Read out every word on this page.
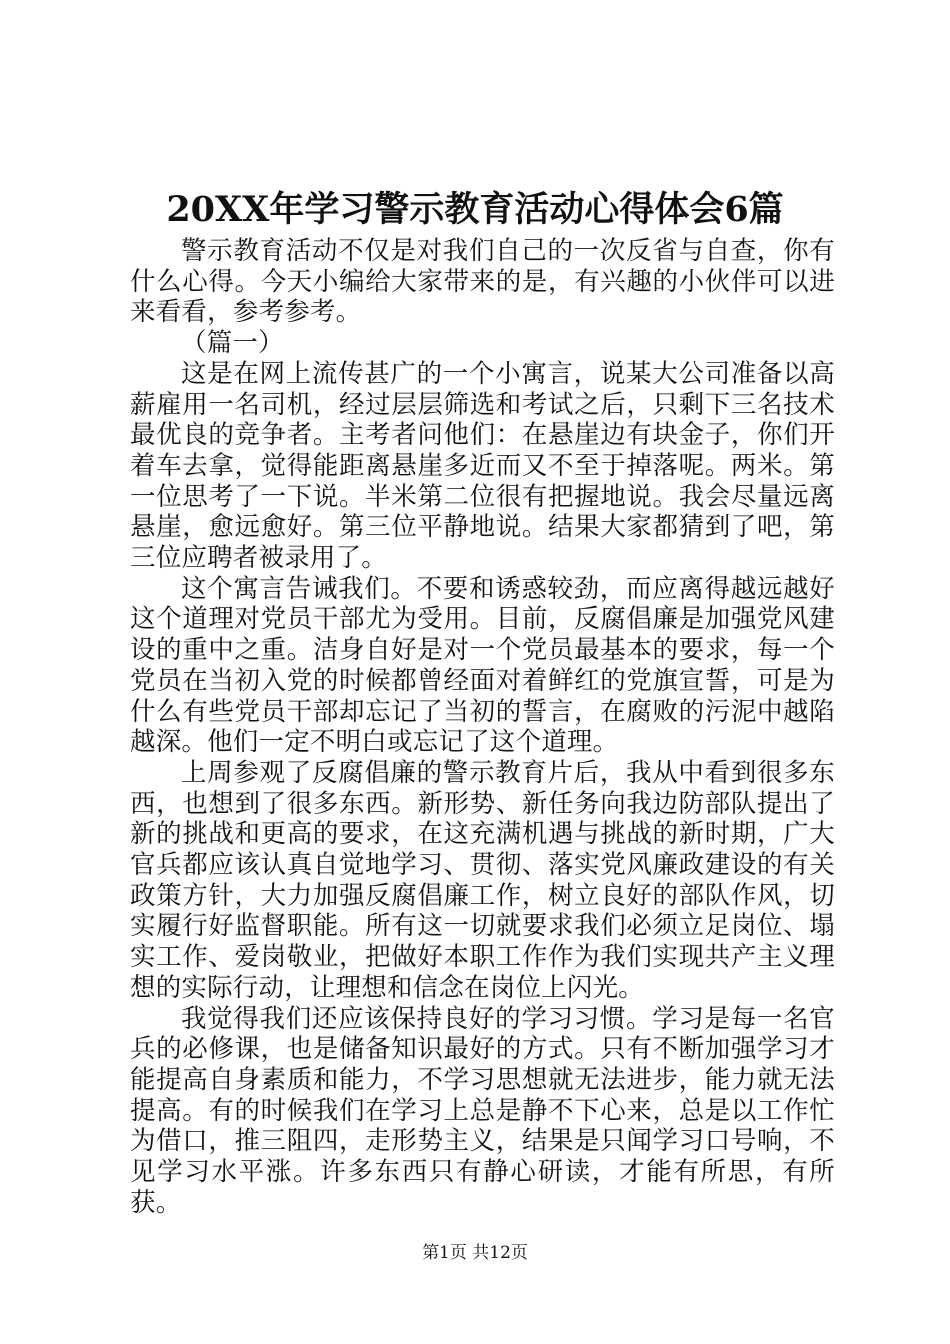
20XX年学习警示教育活动心得体会6篇

警示教育活动不仅是对我们自己的一次反省与自查，你有什么心得。今天小编给大家带来的是，有兴趣的小伙伴可以进来看看，参考参考。

（篇一）

这是在网上流传甚广的一个小寓言，说某大公司准备以高薪雇用一名司机，经过层层筛选和考试之后，只剩下三名技术最优良的竞争者。主考者问他们：在悬崖边有块金子，你们开着车去拿，觉得能距离悬崖多近而又不至于掉落呢。两米。第一位思考了一下说。半米第二位很有把握地说。我会尽量远离悬崖，愈远愈好。第三位平静地说。结果大家都猜到了吧，第三位应聘者被录用了。

这个寓言告诫我们。不要和诱惑较劲，而应离得越远越好这个道理对党员干部尤为受用。目前，反腐倡廉是加强党风建设的重中之重。洁身自好是对一个党员最基本的要求，每一个党员在当初入党的时候都曾经面对着鲜红的党旗宣誓，可是为什么有些党员干部却忘记了当初的誓言，在腐败的污泥中越陷越深。他们一定不明白或忘记了这个道理。

上周参观了反腐倡廉的警示教育片后，我从中看到很多东西，也想到了很多东西。新形势、新任务向我边防部队提出了新的挑战和更高的要求，在这充满机遇与挑战的新时期，广大官兵都应该认真自觉地学习、贯彻、落实党风廉政建设的有关政策方针，大力加强反腐倡廉工作，树立良好的部队作风，切实履行好监督职能。所有这一切就要求我们必须立足岗位、塌实工作、爱岗敬业，把做好本职工作作为我们实现共产主义理想的实际行动，让理想和信念在岗位上闪光。

我觉得我们还应该保持良好的学习习惯。学习是每一名官兵的必修课，也是储备知识最好的方式。只有不断加强学习才能提高自身素质和能力，不学习思想就无法进步，能力就无法提高。有的时候我们在学习上总是静不下心来，总是以工作忙为借口，推三阻四，走形势主义，结果是只闻学习口号响，不见学习水平涨。许多东西只有静心研读，才能有所思，有所获。

第1页 共12页
